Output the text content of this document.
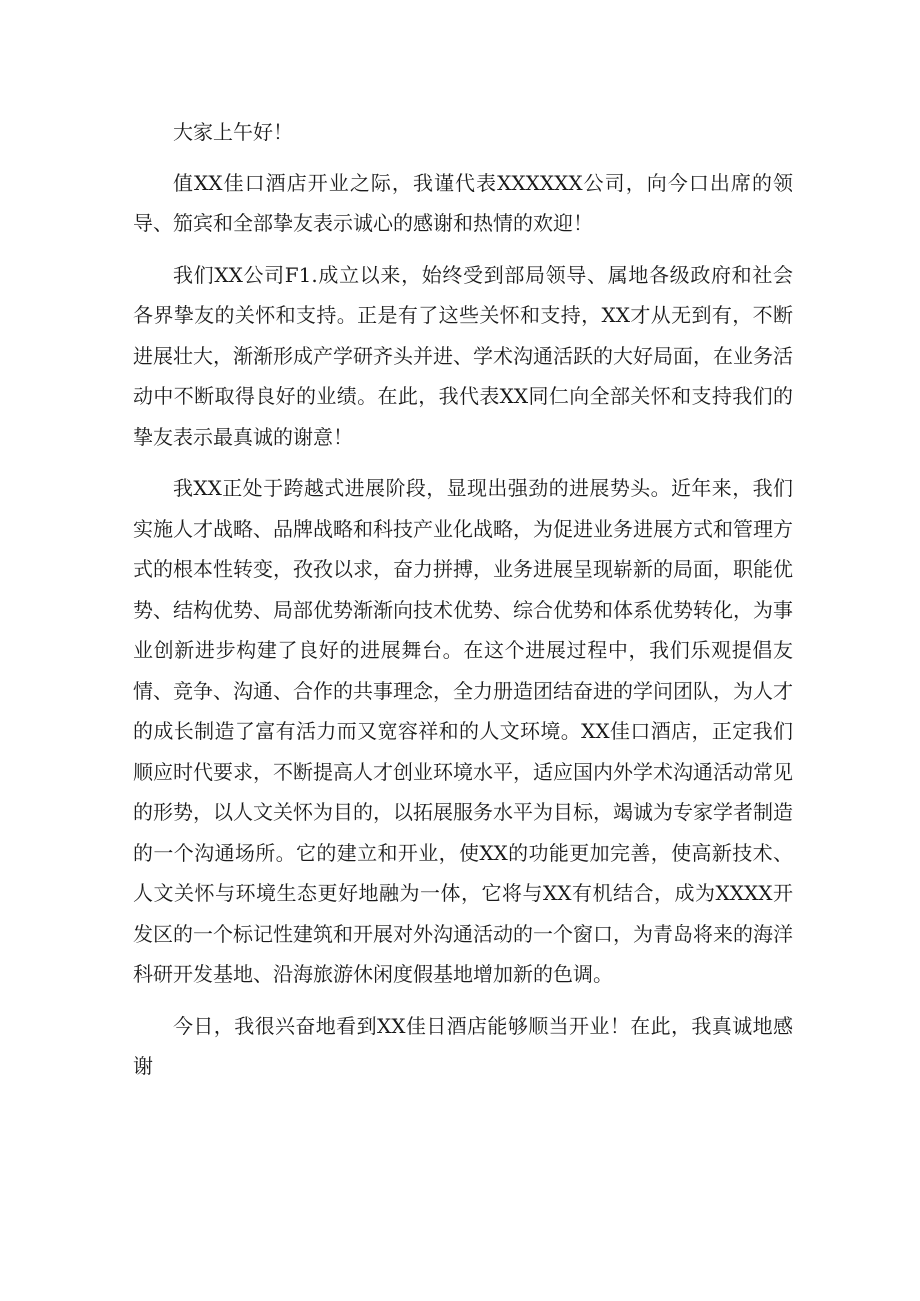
大家上午好！

值XX佳口酒店开业之际，我谨代表XXXXXX公司，向今口出席的领导、笳宾和全部挚友表示诚心的感谢和热情的欢迎！

我们XX公司F1.成立以来，始终受到部局领导、属地各级政府和社会各界挚友的关怀和支持。正是有了这些关怀和支持，XX才从无到有，不断进展壮大，渐渐形成产学研齐头并进、学术沟通活跃的大好局面，在业务活动中不断取得良好的业绩。在此，我代表XX同仁向全部关怀和支持我们的挚友表示最真诚的谢意！

我XX正处于跨越式进展阶段，显现出强劲的进展势头。近年来，我们实施人才战略、品牌战略和科技产业化战略，为促进业务进展方式和管理方式的根本性转变，孜孜以求，奋力拼搏，业务进展呈现崭新的局面，职能优势、结构优势、局部优势渐渐向技术优势、综合优势和体系优势转化，为事业创新进步构建了良好的进展舞台。在这个进展过程中，我们乐观提倡友情、竞争、沟通、合作的共事理念，全力册造团结奋进的学问团队，为人才的成长制造了富有活力而又宽容祥和的人文环境。XX佳口酒店，正定我们顺应时代要求，不断提高人才创业环境水平，适应国内外学术沟通活动常见的形势，以人文关怀为目的，以拓展服务水平为目标，竭诚为专家学者制造的一个沟通场所。它的建立和开业，使XX的功能更加完善，使高新技术、人文关怀与环境生态更好地融为一体，它将与XX有机结合，成为XXXX开发区的一个标记性建筑和开展对外沟通活动的一个窗口，为青岛将来的海洋科研开发基地、沿海旅游休闲度假基地增加新的色调。

今日，我很兴奋地看到XX佳日酒店能够顺当开业！在此，我真诚地感谢
